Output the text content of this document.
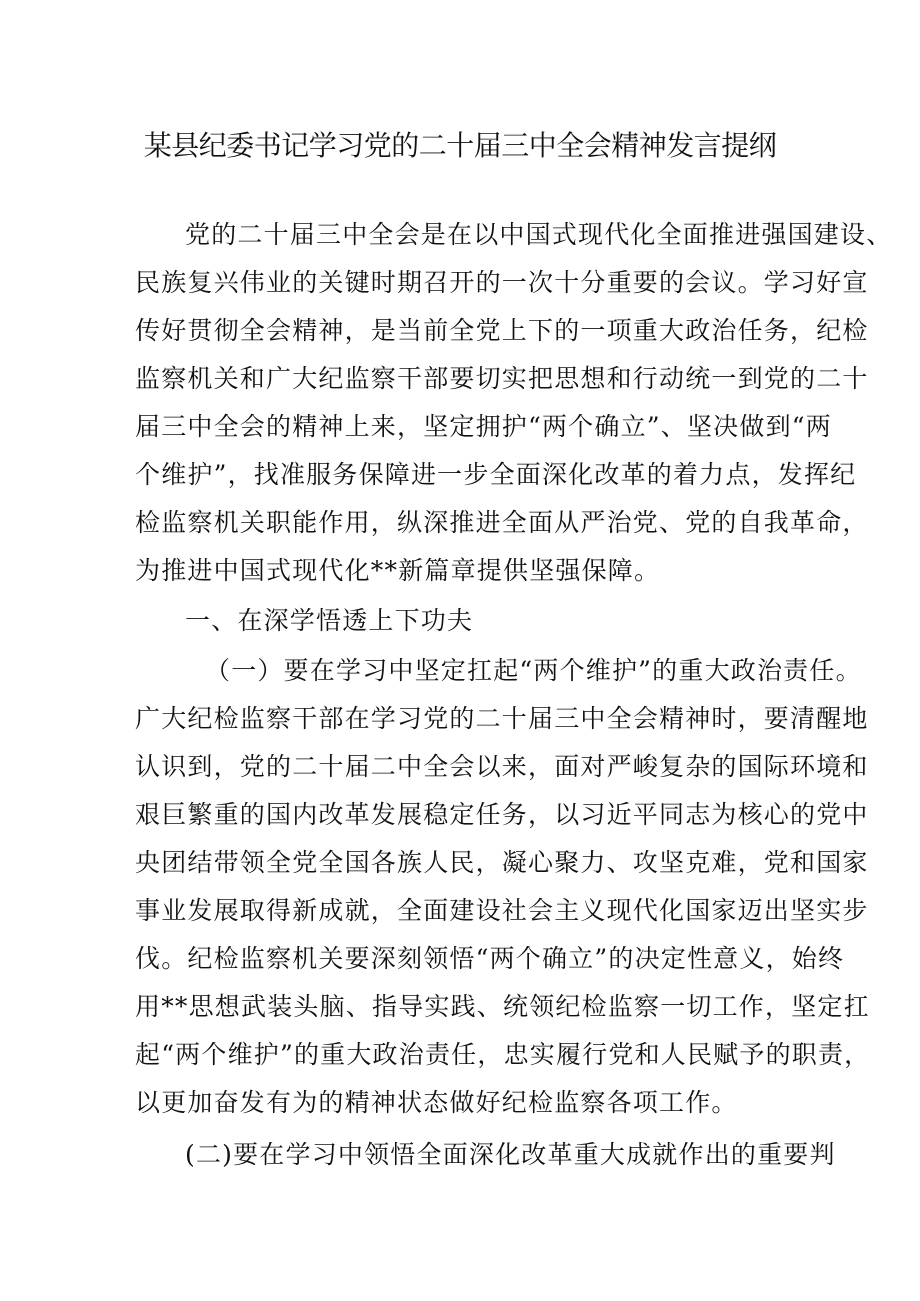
某县纪委书记学习党的二十届三中全会精神发言提纲
党的二十届三中全会是在以中国式现代化全面推进强国建设、
民族复兴伟业的关键时期召开的一次十分重要的会议。学习好宣
传好贯彻全会精神，是当前全党上下的一项重大政治任务，纪检
监察机关和广大纪监察干部要切实把思想和行动统一到党的二十
届三中全会的精神上来，坚定拥护“两个确立”、坚决做到“两
个维护”，找准服务保障进一步全面深化改革的着力点，发挥纪
检监察机关职能作用，纵深推进全面从严治党、党的自我革命，
为推进中国式现代化**新篇章提供坚强保障。
一、在深学悟透上下功夫
（一）要在学习中坚定扛起“两个维护”的重大政治责任。
广大纪检监察干部在学习党的二十届三中全会精神时，要清醒地
认识到，党的二十届二中全会以来，面对严峻复杂的国际环境和
艰巨繁重的国内改革发展稳定任务，以习近平同志为核心的党中
央团结带领全党全国各族人民，凝心聚力、攻坚克难，党和国家
事业发展取得新成就，全面建设社会主义现代化国家迈出坚实步
伐。纪检监察机关要深刻领悟“两个确立”的决定性意义，始终
用**思想武装头脑、指导实践、统领纪检监察一切工作，坚定扛
起“两个维护”的重大政治责任，忠实履行党和人民赋予的职责，
以更加奋发有为的精神状态做好纪检监察各项工作。
(二)要在学习中领悟全面深化改革重大成就作出的重要判
